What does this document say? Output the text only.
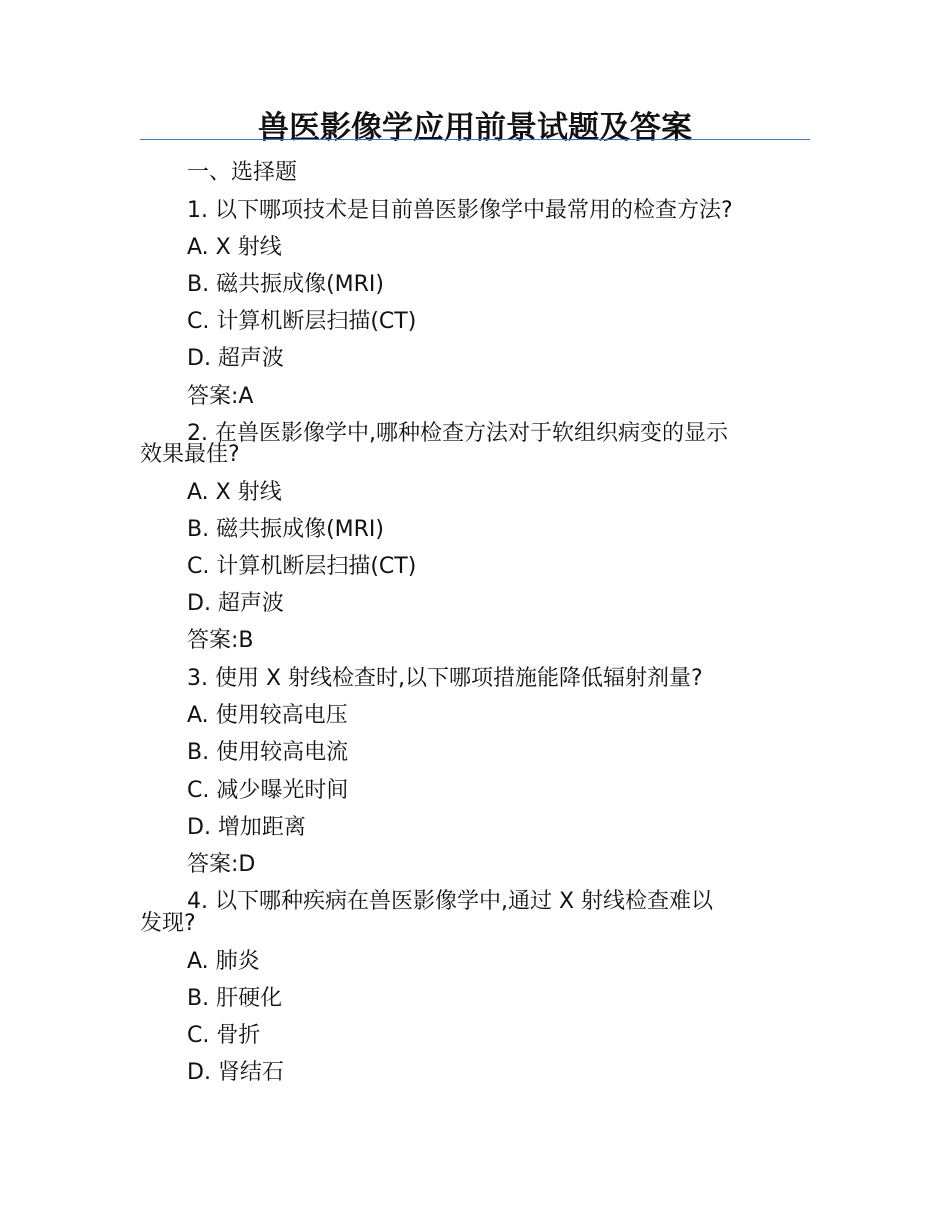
兽医影像学应用前景试题及答案
一、选择题
1. 以下哪项技术是目前兽医影像学中最常用的检查方法?
A. X 射线
B. 磁共振成像(MRI)
C. 计算机断层扫描(CT)
D. 超声波
答案:A
2. 在兽医影像学中,哪种检查方法对于软组织病变的显示
效果最佳?
A. X 射线
B. 磁共振成像(MRI)
C. 计算机断层扫描(CT)
D. 超声波
答案:B
3. 使用 X 射线检查时,以下哪项措施能降低辐射剂量?
A. 使用较高电压
B. 使用较高电流
C. 减少曝光时间
D. 增加距离
答案:D
4. 以下哪种疾病在兽医影像学中,通过 X 射线检查难以
发现?
A. 肺炎
B. 肝硬化
C. 骨折
D. 肾结石
